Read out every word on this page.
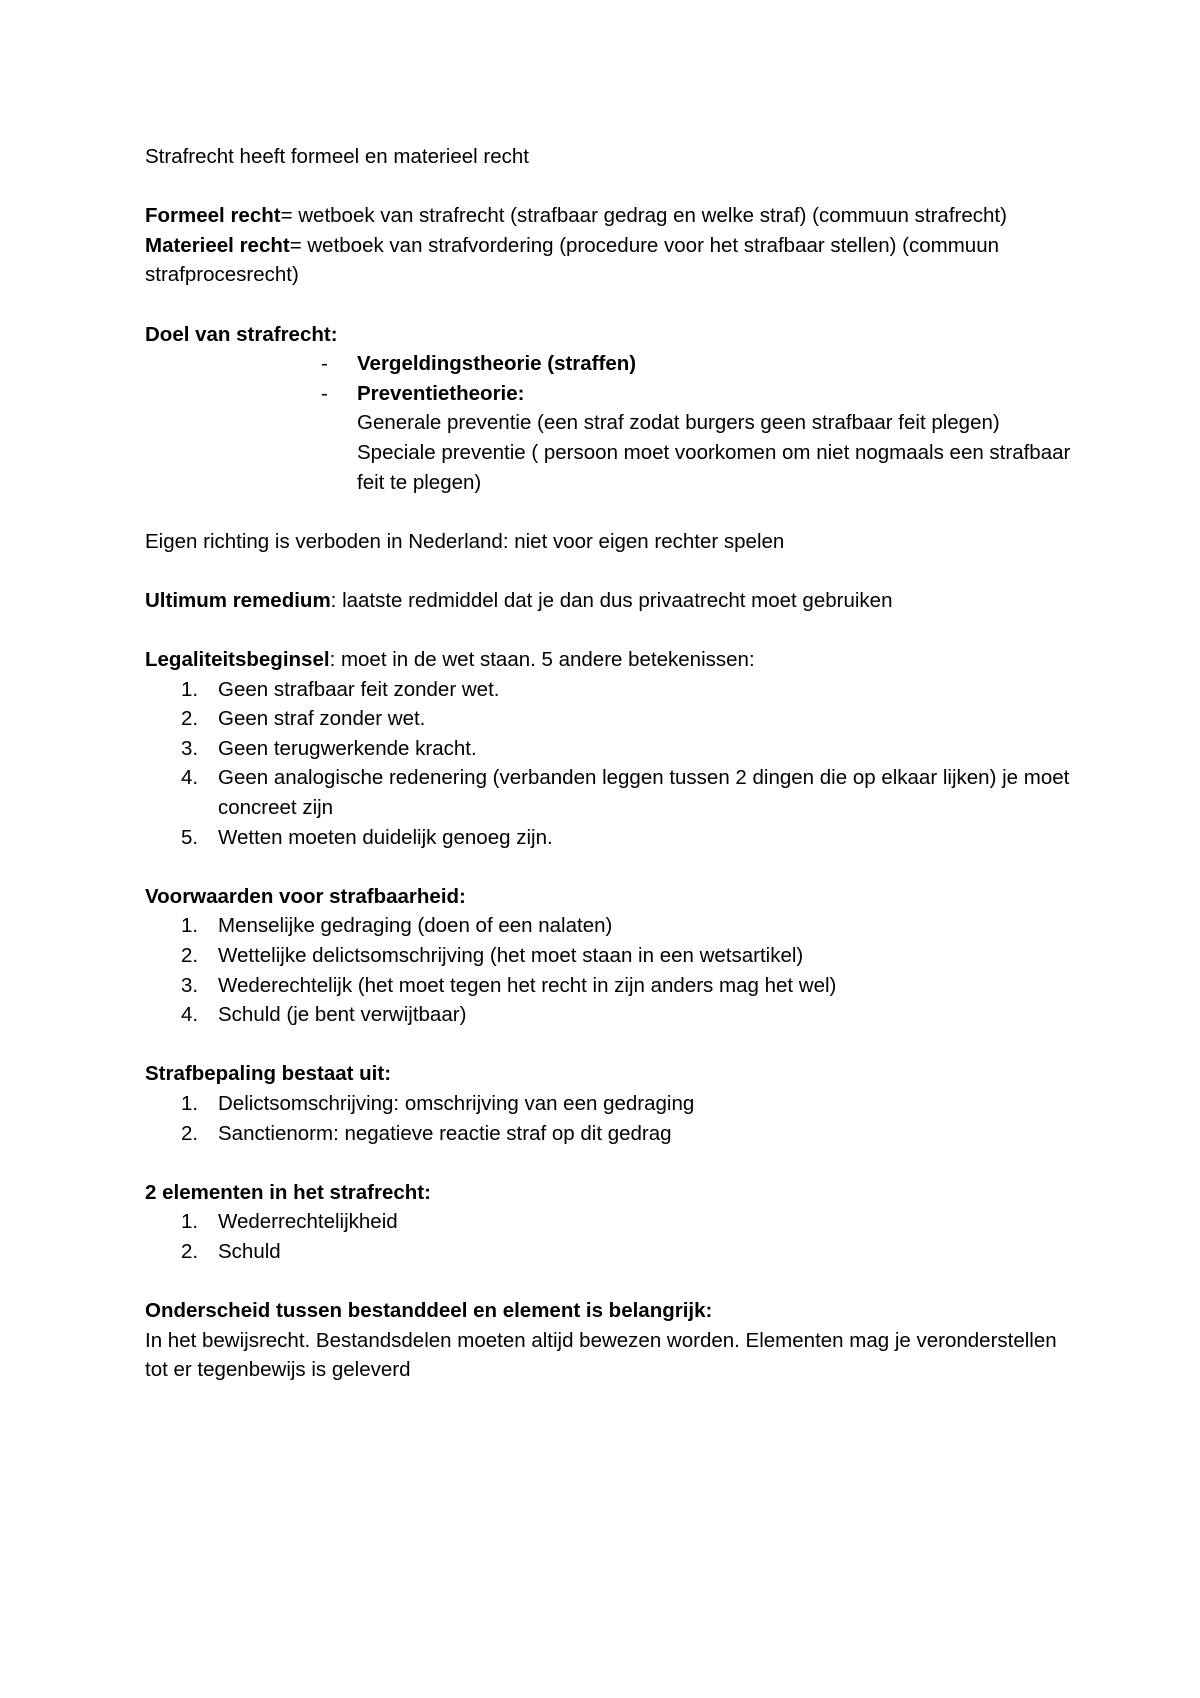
Strafrecht heeft formeel en materieel recht

Formeel recht= wetboek van strafrecht (strafbaar gedrag en welke straf) (commuun strafrecht)

Materieel recht= wetboek van strafvordering (procedure voor het strafbaar stellen) (commuun strafprocesrecht)

Doel van strafrecht:

- Vergeldingstheorie (straffen)
- Preventietheorie:
Generale preventie (een straf zodat burgers geen strafbaar feit plegen)
Speciale preventie ( persoon moet voorkomen om niet nogmaals een strafbaar feit te plegen)

Eigen richting is verboden in Nederland: niet voor eigen rechter spelen

Ultimum remedium: laatste redmiddel dat je dan dus privaatrecht moet gebruiken

Legaliteitsbeginsel: moet in de wet staan. 5 andere betekenissen:

1. Geen strafbaar feit zonder wet.
2. Geen straf zonder wet.
3. Geen terugwerkende kracht.
4. Geen analogische redenering (verbanden leggen tussen 2 dingen die op elkaar lijken) je moet concreet zijn
5. Wetten moeten duidelijk genoeg zijn.

Voorwaarden voor strafbaarheid:

1. Menselijke gedraging (doen of een nalaten)
2. Wettelijke delictsomschrijving (het moet staan in een wetsartikel)
3. Wederechtelijk (het moet tegen het recht in zijn anders mag het wel)
4. Schuld (je bent verwijtbaar)

Strafbepaling bestaat uit:

1. Delictsomschrijving: omschrijving van een gedraging
2. Sanctienorm: negatieve reactie straf op dit gedrag

2 elementen in het strafrecht:

1. Wederrechtelijkheid
2. Schuld

Onderscheid tussen bestanddeel en element is belangrijk:

In het bewijsrecht. Bestandsdelen moeten altijd bewezen worden. Elementen mag je veronderstellen tot er tegenbewijs is geleverd
